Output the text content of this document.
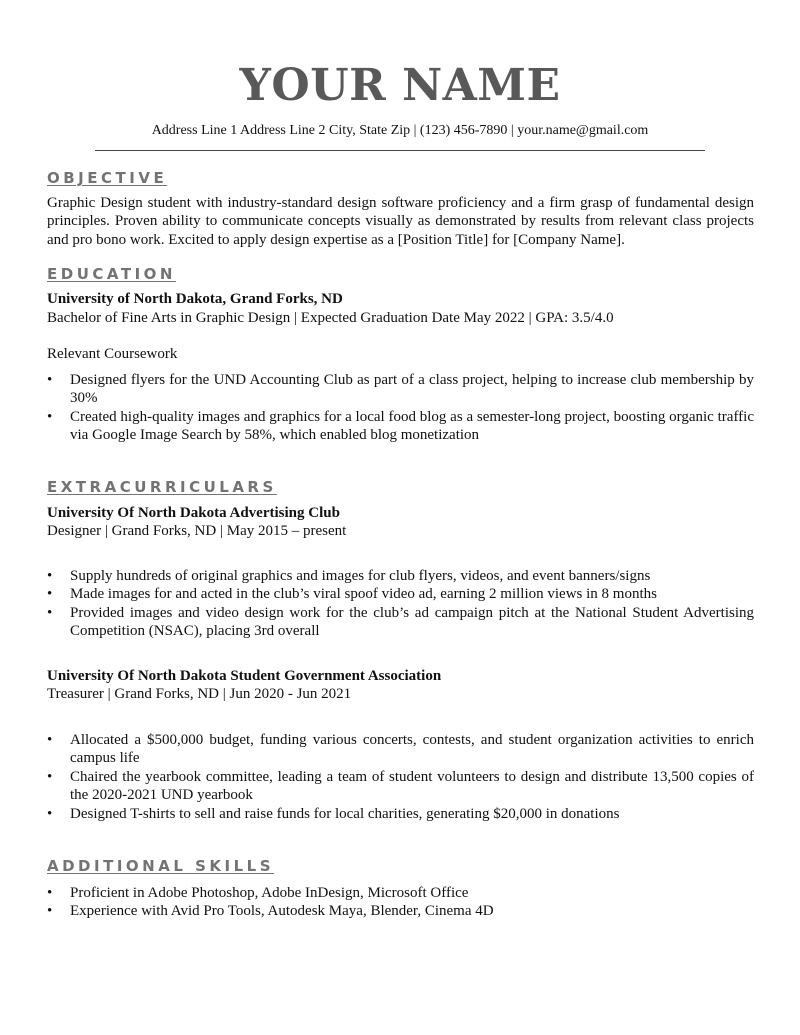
YOUR NAME
Address Line 1 Address Line 2 City, State Zip | (123) 456-7890 | your.name@gmail.com
OBJECTIVE
Graphic Design student with industry-standard design software proficiency and a firm grasp of fundamental design principles. Proven ability to communicate concepts visually as demonstrated by results from relevant class projects and pro bono work. Excited to apply design expertise as a [Position Title] for [Company Name].
EDUCATION
University of North Dakota, Grand Forks, ND
Bachelor of Fine Arts in Graphic Design | Expected Graduation Date May 2022 | GPA: 3.5/4.0
Relevant Coursework
• Designed flyers for the UND Accounting Club as part of a class project, helping to increase club membership by 30%
• Created high-quality images and graphics for a local food blog as a semester-long project, boosting organic traffic via Google Image Search by 58%, which enabled blog monetization
EXTRACURRICULARS
University Of North Dakota Advertising Club
Designer | Grand Forks, ND | May 2015 – present
• Supply hundreds of original graphics and images for club flyers, videos, and event banners/signs
• Made images for and acted in the club’s viral spoof video ad, earning 2 million views in 8 months
• Provided images and video design work for the club’s ad campaign pitch at the National Student Advertising Competition (NSAC), placing 3rd overall
University Of North Dakota Student Government Association
Treasurer | Grand Forks, ND | Jun 2020 - Jun 2021
• Allocated a $500,000 budget, funding various concerts, contests, and student organization activities to enrich campus life
• Chaired the yearbook committee, leading a team of student volunteers to design and distribute 13,500 copies of the 2020-2021 UND yearbook
• Designed T-shirts to sell and raise funds for local charities, generating $20,000 in donations
ADDITIONAL SKILLS
• Proficient in Adobe Photoshop, Adobe InDesign, Microsoft Office
• Experience with Avid Pro Tools, Autodesk Maya, Blender, Cinema 4D
